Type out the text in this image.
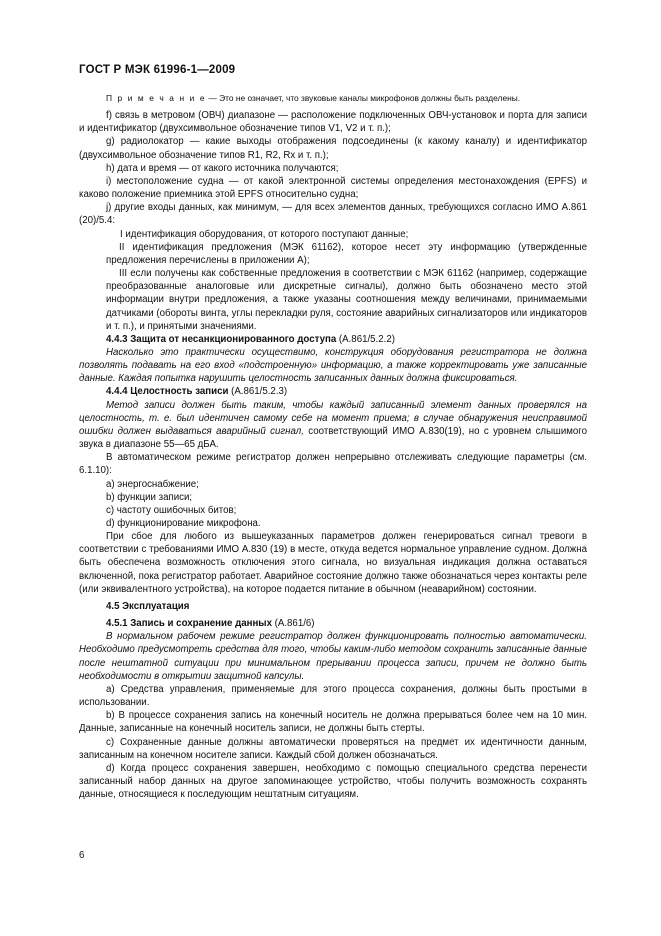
ГОСТ Р МЭК 61996-1—2009

П р и м е ч а н и е — Это не означает, что звуковые каналы микрофонов должны быть разделены.

f) связь в метровом (ОВЧ) диапазоне — расположение подключенных ОВЧ-установок и порта для записи и идентификатор (двухсимвольное обозначение типов V1, V2 и т. п.);

g) радиолокатор — какие выходы отображения подсоединены (к какому каналу) и идентификатор (двухсимвольное обозначение типов R1, R2, Rx и т. п.);

h) дата и время — от какого источника получаются;

i) местоположение судна — от какой электронной системы определения местонахождения (EPFS) и каково положение приемника этой EPFS относительно судна;

j) другие входы данных, как минимум, — для всех элементов данных, требующихся согласно ИМО A.861 (20)/5.4:

I идентификация оборудования, от которого поступают данные;

II идентификация предложения (МЭК 61162), которое несет эту информацию (утвержденные предложения перечислены в приложении А);

III если получены как собственные предложения в соответствии с МЭК 61162 (например, содержащие преобразованные аналоговые или дискретные сигналы), должно быть обозначено место этой информации внутри предложения, а также указаны соотношения между величинами, принимаемыми датчиками (обороты винта, углы перекладки руля, состояние аварийных сигнализаторов или индикаторов и т. п.), и принятыми значениями.

4.4.3 Защита от несанкционированного доступа (A.861/5.2.2)

Насколько это практически осуществимо, конструкция оборудования регистратора не должна позволять подавать на его вход «подстроенную» информацию, а также корректировать уже записанные данные. Каждая попытка нарушить целостность записанных данных должна фиксироваться.

4.4.4 Целостность записи (A.861/5.2.3)

Метод записи должен быть таким, чтобы каждый записанный элемент данных проверялся на целостность, т. е. был идентичен самому себе на момент приема; в случае обнаружения неисправимой ошибки должен выдаваться аварийный сигнал, соответствующий ИМО А.830(19), но с уровнем слышимого звука в диапазоне 55—65 дБА.

В автоматическом режиме регистратор должен непрерывно отслеживать следующие параметры (см. 6.1.10):

a) энергоснабжение;

b) функции записи;

c) частоту ошибочных битов;

d) функционирование микрофона.

При сбое для любого из вышеуказанных параметров должен генерироваться сигнал тревоги в соответствии с требованиями ИМО А.830 (19) в месте, откуда ведется нормальное управление судном. Должна быть обеспечена возможность отключения этого сигнала, но визуальная индикация должна оставаться включенной, пока регистратор работает. Аварийное состояние должно также обозначаться через контакты реле (или эквивалентного устройства), на которое подается питание в обычном (неаварийном) состоянии.

4.5 Эксплуатация

4.5.1 Запись и сохранение данных (A.861/6)

В нормальном рабочем режиме регистратор должен функционировать полностью автоматически. Необходимо предусмотреть средства для того, чтобы каким-либо методом сохранить записанные данные после нештатной ситуации при минимальном прерывании процесса записи, причем не должно быть необходимости в открытии защитной капсулы.

a) Средства управления, применяемые для этого процесса сохранения, должны быть простыми в использовании.

b) В процессе сохранения запись на конечный носитель не должна прерываться более чем на 10 мин. Данные, записанные на конечный носитель записи, не должны быть стерты.

c) Сохраненные данные должны автоматически проверяться на предмет их идентичности данным, записанным на конечном носителе записи. Каждый сбой должен обозначаться.

d) Когда процесс сохранения завершен, необходимо с помощью специального средства перенести записанный набор данных на другое запоминающее устройство, чтобы получить возможность сохранять данные, относящиеся к последующим нештатным ситуациям.

6
